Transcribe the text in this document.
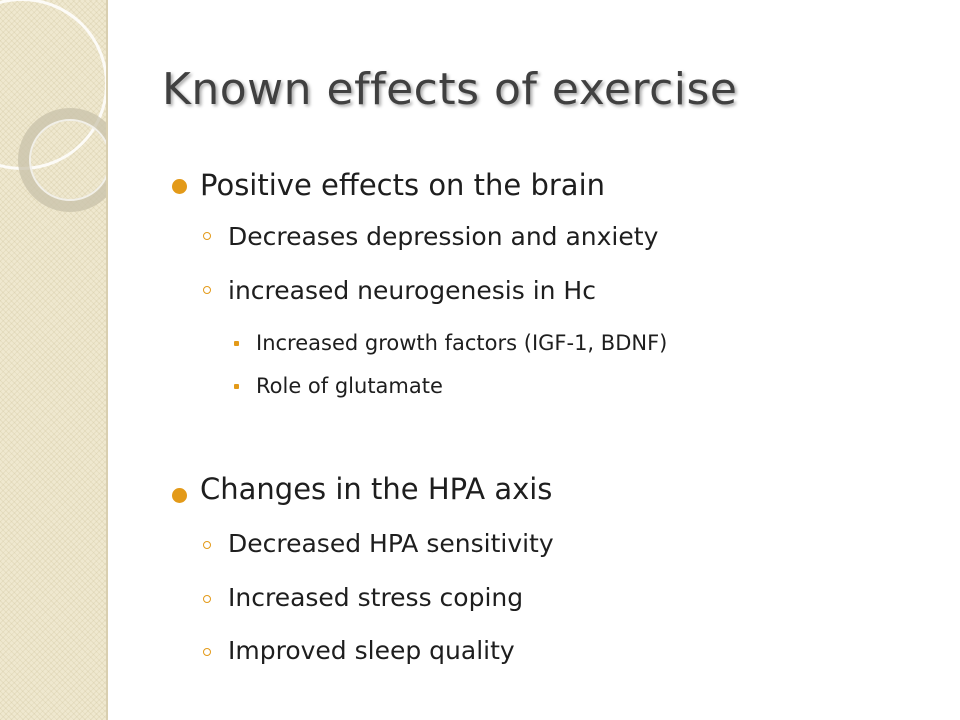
Known effects of exercise
Positive effects on the brain
Decreases depression and anxiety
increased neurogenesis in Hc
Increased growth factors (IGF-1, BDNF)
Role of glutamate
Changes in the HPA axis
Decreased HPA sensitivity
Increased stress coping
Improved sleep quality
